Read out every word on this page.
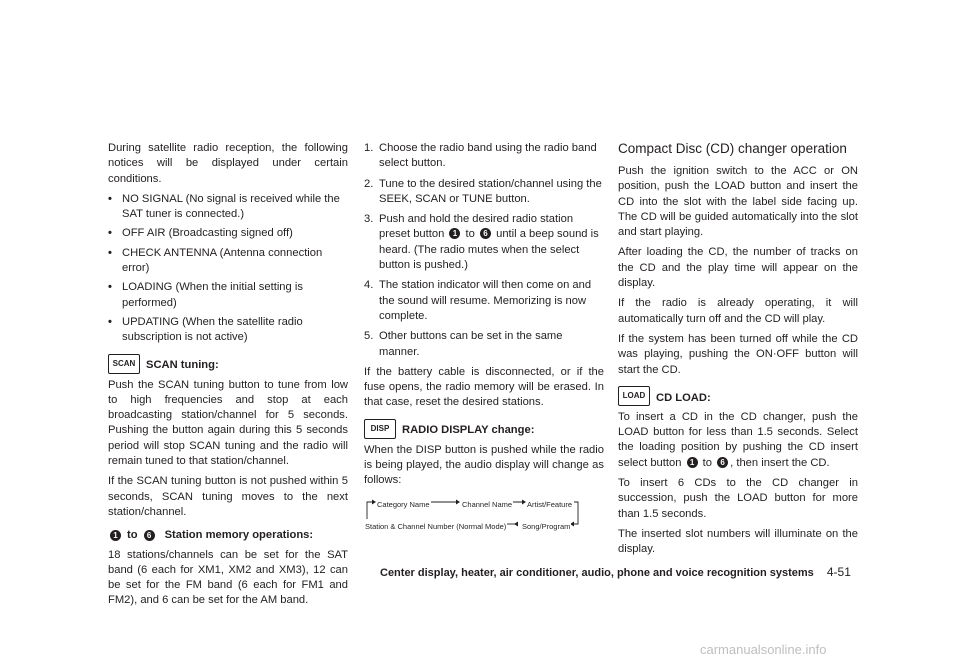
During satellite radio reception, the following notices will be displayed under certain conditions.

• NO SIGNAL (No signal is received while the SAT tuner is connected.)
• OFF AIR (Broadcasting signed off)
• CHECK ANTENNA (Antenna connection error)
• LOADING (When the initial setting is performed)
• UPDATING (When the satellite radio subscription is not active)
SCAN SCAN tuning:

Push the SCAN tuning button to tune from low to high frequencies and stop at each broadcasting station/channel for 5 seconds. Pushing the button again during this 5 seconds period will stop SCAN tuning and the radio will remain tuned to that station/channel.

If the SCAN tuning button is not pushed within 5 seconds, SCAN tuning moves to the next station/channel.

1 to	6 Station memory operations:

18 stations/channels can be set for the SAT band (6 each for XM1, XM2 and XM3), 12 can be set for the FM band (6 each for FM1 and FM2), and 6 can be set for the AM band.

1. Choose the radio band using the radio band select button.
2. Tune to the desired station/channel using the SEEK, SCAN or TUNE button.
3. Push and hold the desired radio station preset button 1 to 6 until a beep sound is heard. (The radio mutes when the select button is pushed.)
4. The station indicator will then come on and the sound will resume. Memorizing is now complete.
5. Other buttons can be set in the same manner.

If the battery cable is disconnected, or if the fuse opens, the radio memory will be erased. In that case, reset the desired stations.

DISP	RADIO DISPLAY change:

When the DISP button is pushed while the radio is being played, the audio display will change as follows:

Category Name	Channel Name Artist/Feature
Station & Channel Number (Normal Mode) Song/Program
Compact Disc (CD) changer operation

Push the ignition switch to the ACC or ON position, push the LOAD button and insert the CD into the slot with the label side facing up. The CD will be guided automatically into the slot and start playing.

After loading the CD, the number of tracks on the CD and the play time will appear on the display.

If the radio is already operating, it will automatically turn off and the CD will play.

If the system has been turned off while the CD was playing, pushing the ON·OFF button will start the CD.

LOAD CD LOAD:

To insert a CD in the CD changer, push the LOAD button for less than 1.5 seconds. Select the loading position by pushing the CD insert select button 1 to 6 , then insert the CD.

To insert 6 CDs to the CD changer in succession, push the LOAD button for more than 1.5 seconds.

The inserted slot numbers will illuminate on the display.

Center display, heater, air conditioner, audio, phone and voice recognition systems 4-51
carmanualsonline.info
